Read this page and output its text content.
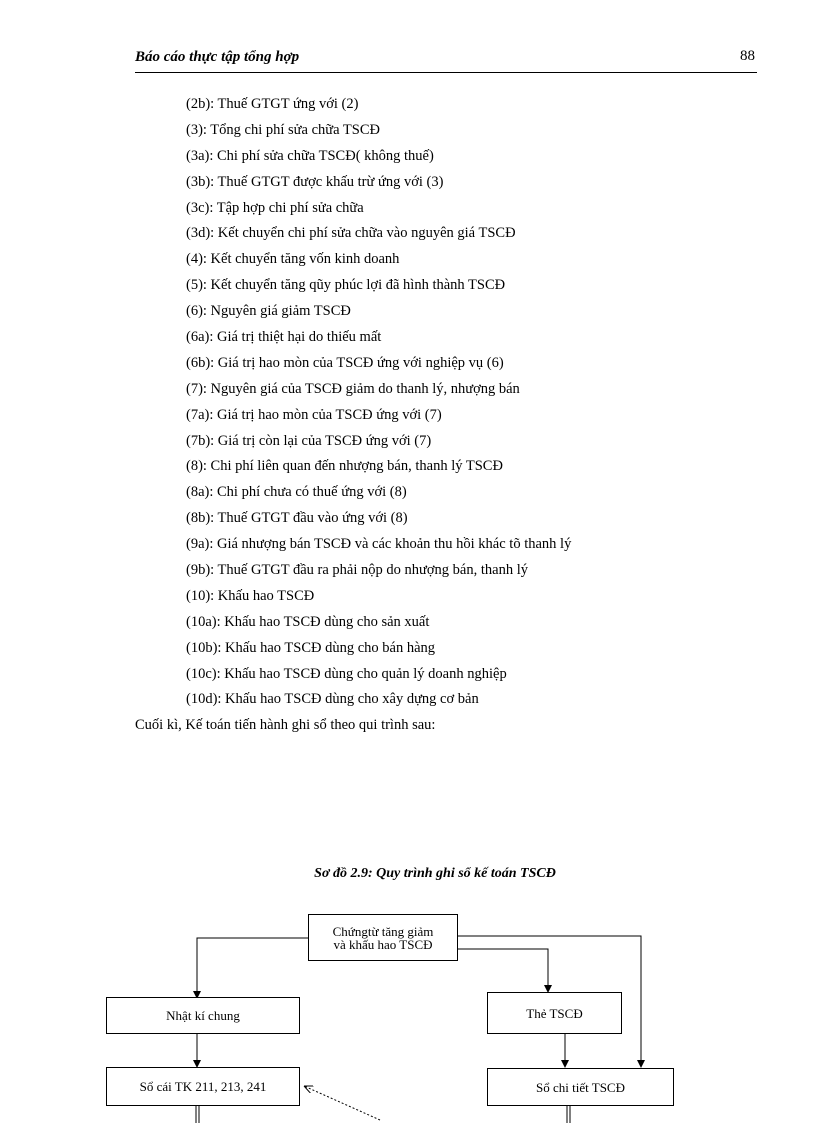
Báo cáo thực tập tổng hợp	88
(2b): Thuế GTGT ứng với (2)
(3): Tổng chi phí sửa chữa TSCĐ
(3a): Chi phí sửa chữa TSCĐ( không thuế)
(3b): Thuế GTGT được khấu trừ ứng với (3)
(3c): Tập hợp chi phí sửa chữa
(3d): Kết chuyển chi phí sửa chữa vào nguyên giá TSCĐ
(4): Kết chuyển tăng vốn kinh doanh
(5): Kết chuyển tăng qũy phúc lợi đã hình thành TSCĐ
(6): Nguyên giá giảm TSCĐ
(6a): Giá trị thiệt hại do thiếu mất
(6b): Giá trị hao mòn của TSCĐ ứng với nghiệp vụ (6)
(7): Nguyên giá của TSCĐ giảm do thanh lý, nhượng bán
(7a): Giá trị hao mòn của TSCĐ ứng với (7)
(7b): Giá trị còn lại của TSCĐ ứng với (7)
(8): Chi phí liên quan đến nhượng bán, thanh lý TSCĐ
(8a): Chi phí chưa có thuế ứng với (8)
(8b): Thuế GTGT đầu vào ứng với (8)
(9a): Giá nhượng bán TSCĐ và các khoản thu hồi khác tõ thanh lý
(9b): Thuế GTGT đầu ra phải nộp do nhượng bán, thanh lý
(10): Khấu hao TSCĐ
(10a): Khấu hao TSCĐ dùng cho sản xuất
(10b): Khấu hao TSCĐ dùng cho bán hàng
(10c): Khấu hao TSCĐ dùng cho quản lý doanh nghiệp
(10d): Khấu hao TSCĐ dùng cho xây dựng cơ bản
Cuối kì, Kế toán tiến hành ghi sổ theo qui trình sau:
Sơ đồ 2.9: Quy trình ghi sổ kế toán TSCĐ
Chứngtừ tăng giảm
và khấu hao TSCĐ
Nhật kí chung	Thẻ TSCĐ
Sổ cái TK 211, 213, 241	Sổ chi tiết TSCĐ
